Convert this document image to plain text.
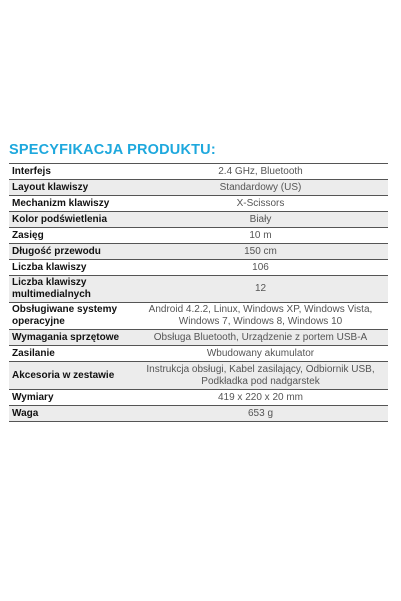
SPECYFIKACJA PRODUKTU:
Interfejs	2.4 GHz, Bluetooth
Layout klawiszy	Standardowy (US)
Mechanizm klawiszy	X-Scissors
Kolor podświetlenia	Biały
Zasięg	10 m
Długość przewodu	150 cm
Liczba klawiszy	106
Liczba klawiszy multimedialnych	12
Obsługiwane systemy operacyjne	Android 4.2.2, Linux, Windows XP, Windows Vista, Windows 7, Windows 8, Windows 10
Wymagania sprzętowe	Obsługa Bluetooth, Urządzenie z portem USB-A
Zasilanie	Wbudowany akumulator
Akcesoria w zestawie	Instrukcja obsługi, Kabel zasilający, Odbiornik USB, Podkładka pod nadgarstek
Wymiary	419 x 220 x 20 mm
Waga	653 g
